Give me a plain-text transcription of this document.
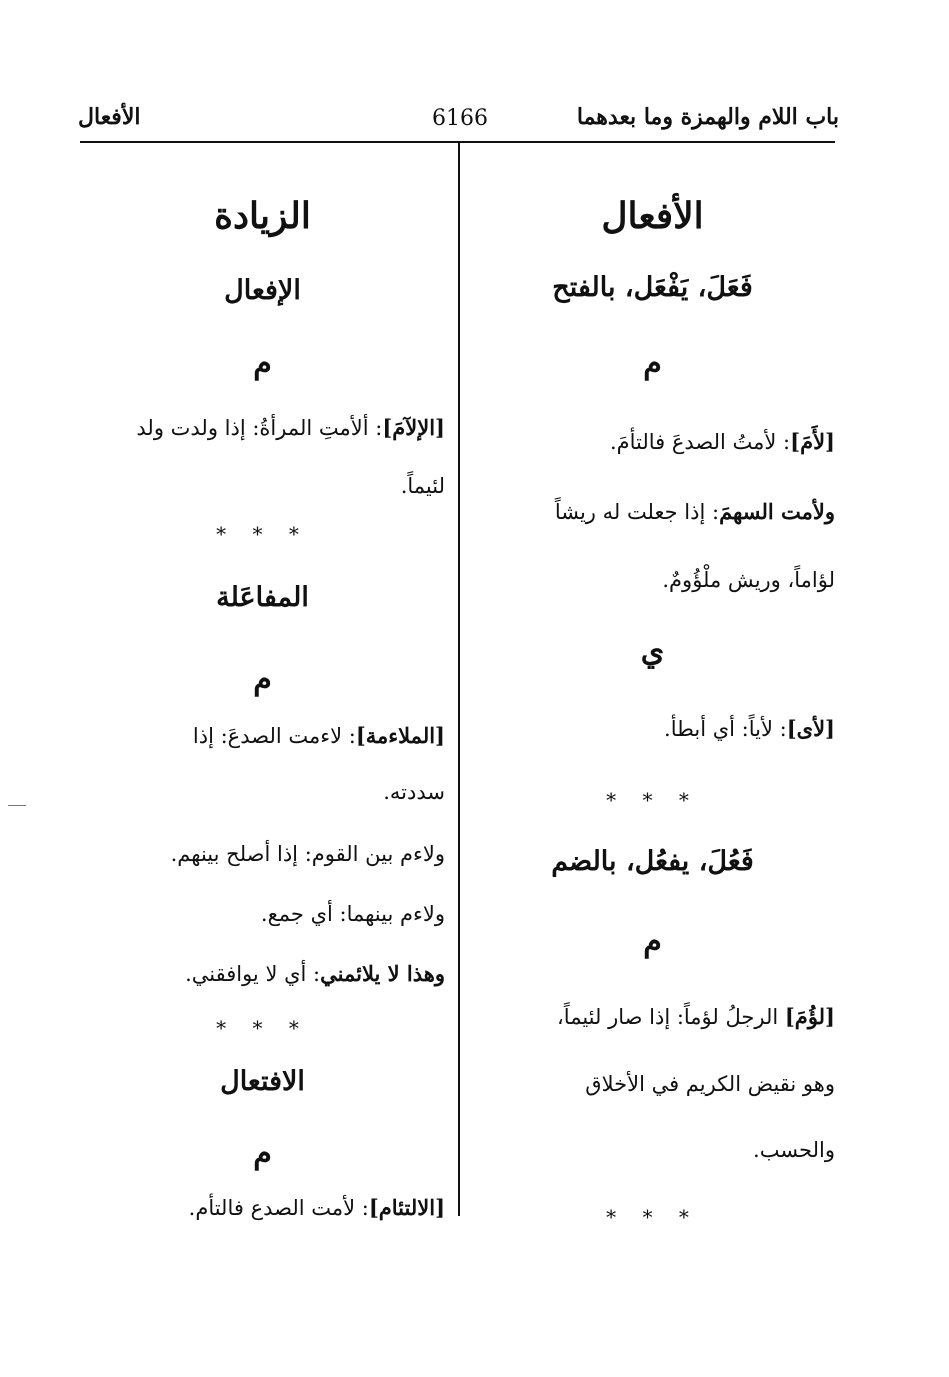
باب اللام والهمزة وما بعدهما
6166
الأفعال
الأفعال
فَعَلَ، يَفْعَل، بالفتح
م
[لأَمَ]: لأمتُ الصدعَ فالتأمَ.
ولأمت السهمَ: إذا جعلت له ريشاً
لؤاماً، وريش ملْؤُومٌ.
ي
[لأى]: لأياً: أي أبطأ.
* * *
فَعُلَ، يفعُل، بالضم
م
[لؤُمَ] الرجلُ لؤماً: إذا صار لئيماً،
وهو نقيض الكريم في الأخلاق
والحسب.
* * *
الزيادة
الإفعال
م
[الإلآمَ]: ألأمتِ المرأةُ: إذا ولدت ولد
لئيماً.
* * *
المفاعَلة
م
[الملاءمة]: لاءمت الصدعَ: إذا
سددته.
ولاءم بين القوم: إذا أصلح بينهم.
ولاءم بينهما: أي جمع.
وهذا لا يلائمني: أي لا يوافقني.
* * *
الافتعال
م
[الالتئام]: لأمت الصدع فالتأم.
